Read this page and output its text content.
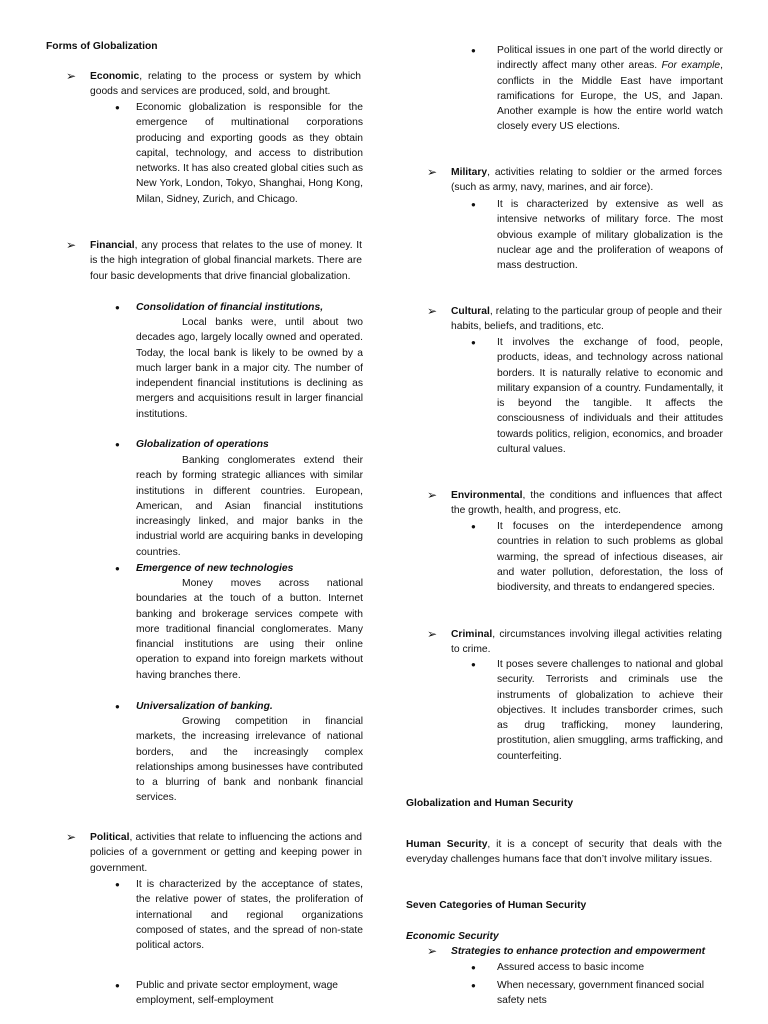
Forms of Globalization
➢ Economic, relating to the process or system by which goods and services are produced, sold, and brought.
● Economic globalization is responsible for the emergence of multinational corporations producing and exporting goods as they obtain capital, technology, and access to distribution networks. It has also created global cities such as New York, London, Tokyo, Shanghai, Hong Kong, Milan, Sidney, Zurich, and Chicago.
➢ Financial, any process that relates to the use of money. It is the high integration of global financial markets. There are four basic developments that drive financial globalization.
● Consolidation of financial institutions,
Local banks were, until about two decades ago, largely locally owned and operated. Today, the local bank is likely to be owned by a much larger bank in a major city. The number of independent financial institutions is declining as mergers and acquisitions result in larger financial institutions.
● Globalization of operations
Banking conglomerates extend their reach by forming strategic alliances with similar institutions in different countries. European, American, and Asian financial institutions increasingly linked, and major banks in the industrial world are acquiring banks in developing countries.
● Emergence of new technologies
Money moves across national boundaries at the touch of a button. Internet banking and brokerage services compete with more traditional financial conglomerates. Many financial institutions are using their online operation to expand into foreign markets without having branches there.
● Universalization of banking.
Growing competition in financial markets, the increasing irrelevance of national borders, and the increasingly complex relationships among businesses have contributed to a blurring of bank and nonbank financial services.
➢ Political, activities that relate to influencing the actions and policies of a government or getting and keeping power in government.
● It is characterized by the acceptance of states, the relative power of states, the proliferation of international and regional organizations composed of states, and the spread of non-state political actors.
● Public and private sector employment, wage employment, self-employment
● Political issues in one part of the world directly or indirectly affect many other areas. For example, conflicts in the Middle East have important ramifications for Europe, the US, and Japan. Another example is how the entire world watch closely every US elections.
➢ Military, activities relating to soldier or the armed forces (such as army, navy, marines, and air force).
● It is characterized by extensive as well as intensive networks of military force. The most obvious example of military globalization is the nuclear age and the proliferation of weapons of mass destruction.
➢ Cultural, relating to the particular group of people and their habits, beliefs, and traditions, etc.
● It involves the exchange of food, people, products, ideas, and technology across national borders. It is naturally relative to economic and military expansion of a country. Fundamentally, it is beyond the tangible. It affects the consciousness of individuals and their attitudes towards politics, religion, economics, and broader cultural values.
➢ Environmental, the conditions and influences that affect the growth, health, and progress, etc.
● It focuses on the interdependence among countries in relation to such problems as global warming, the spread of infectious diseases, air and water pollution, deforestation, the loss of biodiversity, and threats to endangered species.
➢ Criminal, circumstances involving illegal activities relating to crime.
● It poses severe challenges to national and global security. Terrorists and criminals use the instruments of globalization to achieve their objectives. It includes transborder crimes, such as drug trafficking, money laundering, prostitution, alien smuggling, arms trafficking, and counterfeiting.
Globalization and Human Security
Human Security, it is a concept of security that deals with the everyday challenges humans face that don’t involve military issues.
Seven Categories of Human Security
Economic Security
➢ Strategies to enhance protection and empowerment
● Assured access to basic income
● When necessary, government financed social safety nets
